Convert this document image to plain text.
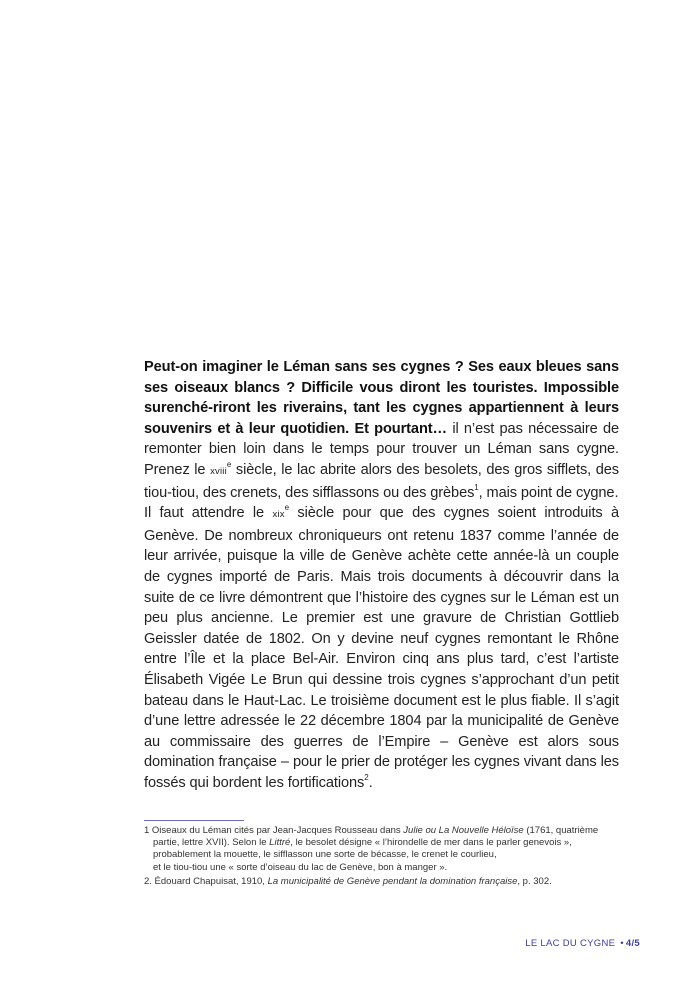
Peut-on imaginer le Léman sans ses cygnes ? Ses eaux bleues sans ses oiseaux blancs ? Difficile vous diront les touristes. Impossible surenché-riront les riverains, tant les cygnes appartiennent à leurs souvenirs et à leur quotidien. Et pourtant… il n’est pas nécessaire de remonter bien loin dans le temps pour trouver un Léman sans cygne. Prenez le xviii$^e$ siècle, le lac abrite alors des besolets, des gros sifflets, des tiou-tiou, des crenets, des sifflassons ou des grèbes$^1$, mais point de cygne.

Il faut attendre le xix$^e$ siècle pour que des cygnes soient introduits à Genève. De nombreux chroniqueurs ont retenu 1837 comme l’année de leur arrivée, puisque la ville de Genève achète cette année-là un couple de cygnes importé de Paris. Mais trois documents à découvrir dans la suite de ce livre démontrent que l’histoire des cygnes sur le Léman est un peu plus ancienne. Le premier est une gravure de Christian Gottlieb Geissler datée de 1802. On y devine neuf cygnes remontant le Rhône entre l’Île et la place Bel-Air. Environ cinq ans plus tard, c’est l’artiste Élisabeth Vigée Le Brun qui dessine trois cygnes s’approchant d’un petit bateau dans le Haut-Lac. Le troisième document est le plus fiable. Il s’agit d’une lettre adressée le 22 décembre 1804 par la municipalité de Genève au commissaire des guerres de l’Empire – Genève est alors sous domination française – pour le prier de protéger les cygnes vivant dans les fossés qui bordent les fortifications$^2$.

1 Oiseaux du Léman cités par Jean-Jacques Rousseau dans Julie ou La Nouvelle Héloïse (1761, quatrième
partie, lettre XVII). Selon le Littré, le besolet désigne « l’hirondelle de mer dans le parler genevois »,
probablement la mouette, le sifflasson une sorte de bécasse, le crenet le courlieu,
et le tiou-tiou une « sorte d’oiseau du lac de Genève, bon à manger ».

2. Édouard Chapuisat, 1910, La municipalité de Genève pendant la domination française, p. 302.

LE LAC DU CYGNE • 4/5
